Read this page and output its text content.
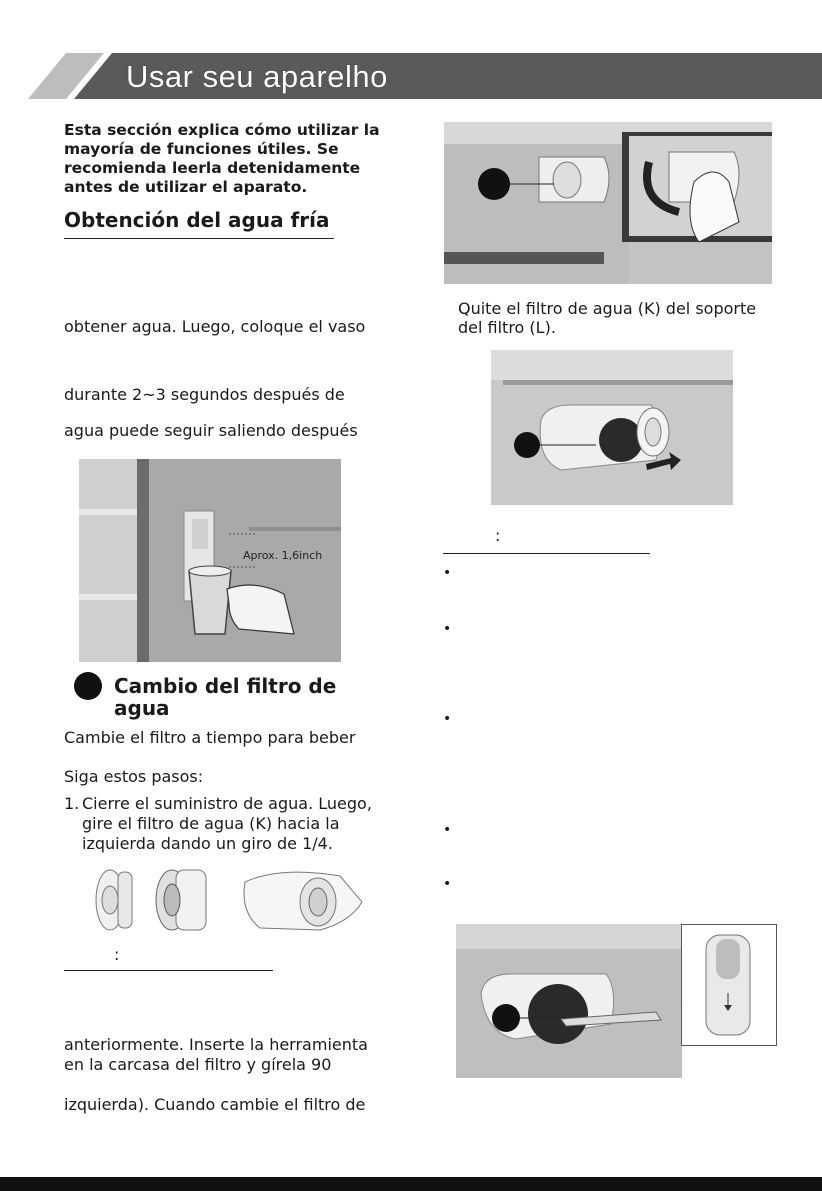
Usar seu aparelho
Esta sección explica cómo utilizar la mayoría de funciones útiles. Se recomienda leerla detenidamente antes de utilizar el aparato.
Obtención del agua fría
obtener agua. Luego, coloque el vaso
durante 2~3 segundos después de
agua puede seguir saliendo después
Aprox. 1,6inch
Cambio del filtro de
agua
Cambie el filtro a tiempo para beber
Siga estos pasos:
1. Cierre el suministro de agua. Luego,
gire el filtro de agua (K) hacia la
izquierda dando un giro de 1/4.
:
anteriormente. Inserte la herramienta
en la carcasa del filtro y gírela 90
izquierda). Cuando cambie el filtro de
Quite el filtro de agua (K) del soporte
del filtro (L).
:
•
•
•
•
•
